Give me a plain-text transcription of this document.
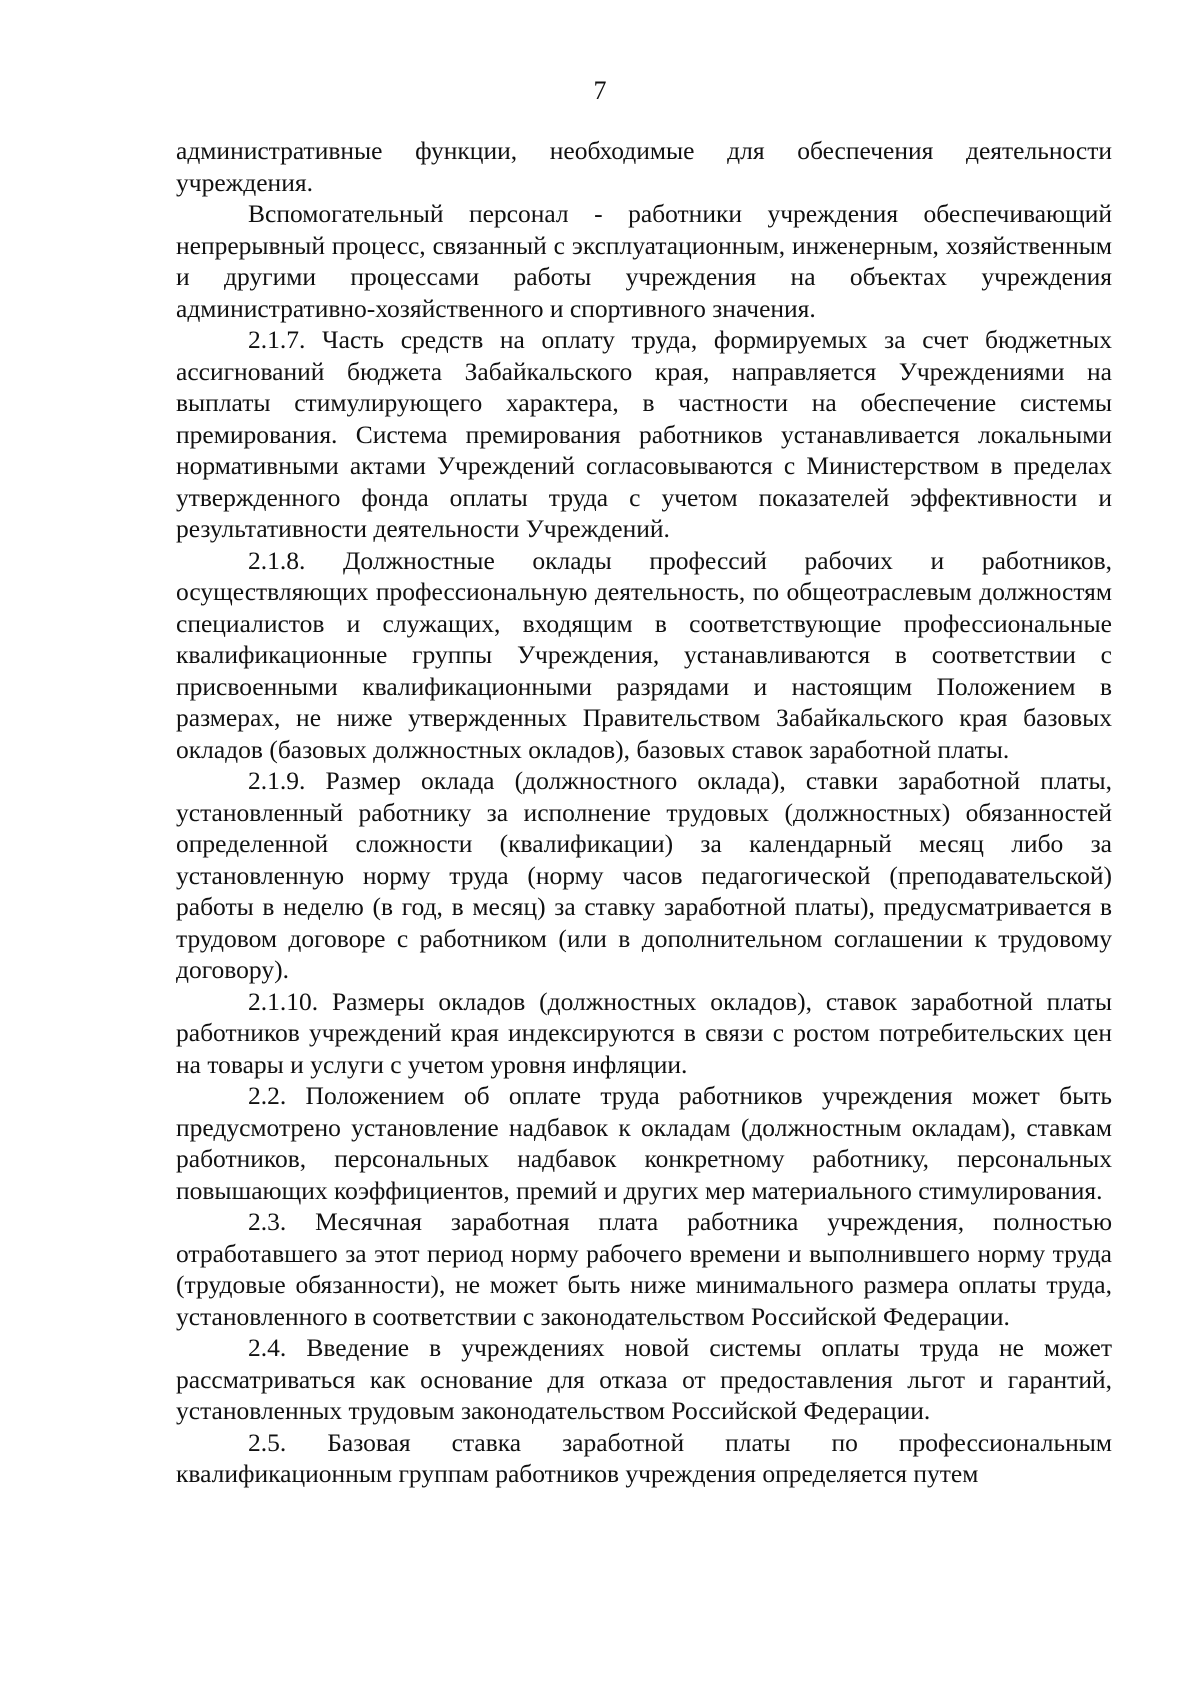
7

административные функции, необходимые для обеспечения деятельности учреждения.

Вспомогательный персонал - работники учреждения обеспечивающий непрерывный процесс, связанный с эксплуатационным, инженерным, хозяйственным и другими процессами работы учреждения на объектах учреждения административно-хозяйственного и спортивного значения.

2.1.7. Часть средств на оплату труда, формируемых за счет бюджетных ассигнований бюджета Забайкальского края, направляется Учреждениями на выплаты стимулирующего характера, в частности на обеспечение системы премирования. Система премирования работников устанавливается локальными нормативными актами Учреждений согласовываются с Министерством в пределах утвержденного фонда оплаты труда с учетом показателей эффективности и результативности деятельности Учреждений.

2.1.8. Должностные оклады профессий рабочих и работников, осуществляющих профессиональную деятельность, по общеотраслевым должностям специалистов и служащих, входящим в соответствующие профессиональные квалификационные группы Учреждения, устанавливаются в соответствии с присвоенными квалификационными разрядами и настоящим Положением в размерах, не ниже утвержденных Правительством Забайкальского края базовых окладов (базовых должностных окладов), базовых ставок заработной платы.

2.1.9. Размер оклада (должностного оклада), ставки заработной платы, установленный работнику за исполнение трудовых (должностных) обязанностей определенной сложности (квалификации) за календарный месяц либо за установленную норму труда (норму часов педагогической (преподавательской) работы в неделю (в год, в месяц) за ставку заработной платы), предусматривается в трудовом договоре с работником (или в дополнительном соглашении к трудовому договору).

2.1.10. Размеры окладов (должностных окладов), ставок заработной платы работников учреждений края индексируются в связи с ростом потребительских цен на товары и услуги с учетом уровня инфляции.

2.2. Положением об оплате труда работников учреждения может быть предусмотрено установление надбавок к окладам (должностным окладам), ставкам работников, персональных надбавок конкретному работнику, персональных повышающих коэффициентов, премий и других мер материального стимулирования.

2.3. Месячная заработная плата работника учреждения, полностью отработавшего за этот период норму рабочего времени и выполнившего норму труда (трудовые обязанности), не может быть ниже минимального размера оплаты труда, установленного в соответствии с законодательством Российской Федерации.

2.4. Введение в учреждениях новой системы оплаты труда не может рассматриваться как основание для отказа от предоставления льгот и гарантий, установленных трудовым законодательством Российской Федерации.

2.5. Базовая ставка заработной платы по профессиональным квалификационным группам работников учреждения определяется путем
